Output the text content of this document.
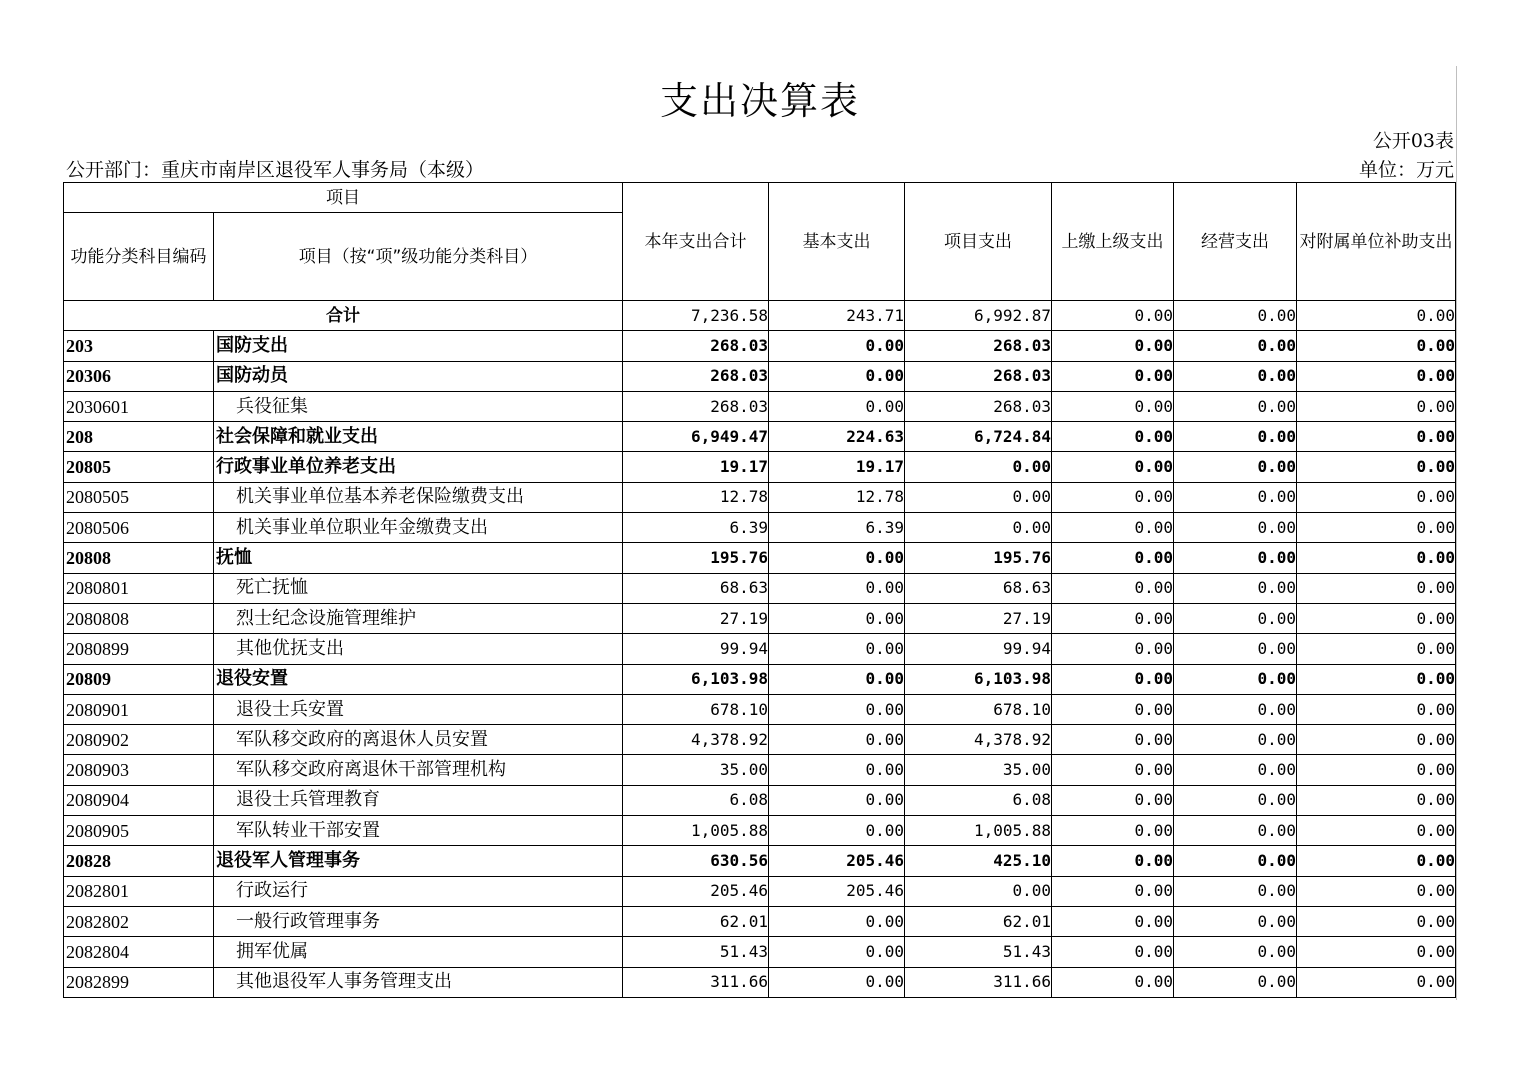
支出决算表
公开03表
公开部门：重庆市南岸区退役军人事务局（本级）	单位：万元
项目		本年支出合计	基本支出	项目支出	上缴上级支出	经营支出	对附属单位补助支出
功能分类科目编码	项目（按“项”级功能分类科目）						
合计		7,236.58	243.71	6,992.87	0.00	0.00	0.00
203	国防支出	268.03	0.00	268.03	0.00	0.00	0.00
20306	国防动员	268.03	0.00	268.03	0.00	0.00	0.00
2030601	兵役征集	268.03	0.00	268.03	0.00	0.00	0.00
208	社会保障和就业支出	6,949.47	224.63	6,724.84	0.00	0.00	0.00
20805	行政事业单位养老支出	19.17	19.17	0.00	0.00	0.00	0.00
2080505	机关事业单位基本养老保险缴费支出	12.78	12.78	0.00	0.00	0.00	0.00
2080506	机关事业单位职业年金缴费支出	6.39	6.39	0.00	0.00	0.00	0.00
20808	抚恤	195.76	0.00	195.76	0.00	0.00	0.00
2080801	死亡抚恤	68.63	0.00	68.63	0.00	0.00	0.00
2080808	烈士纪念设施管理维护	27.19	0.00	27.19	0.00	0.00	0.00
2080899	其他优抚支出	99.94	0.00	99.94	0.00	0.00	0.00
20809	退役安置	6,103.98	0.00	6,103.98	0.00	0.00	0.00
2080901	退役士兵安置	678.10	0.00	678.10	0.00	0.00	0.00
2080902	军队移交政府的离退休人员安置	4,378.92	0.00	4,378.92	0.00	0.00	0.00
2080903	军队移交政府离退休干部管理机构	35.00	0.00	35.00	0.00	0.00	0.00
2080904	退役士兵管理教育	6.08	0.00	6.08	0.00	0.00	0.00
2080905	军队转业干部安置	1,005.88	0.00	1,005.88	0.00	0.00	0.00
20828	退役军人管理事务	630.56	205.46	425.10	0.00	0.00	0.00
2082801	行政运行	205.46	205.46	0.00	0.00	0.00	0.00
2082802	一般行政管理事务	62.01	0.00	62.01	0.00	0.00	0.00
2082804	拥军优属	51.43	0.00	51.43	0.00	0.00	0.00
2082899	其他退役军人事务管理支出	311.66	0.00	311.66	0.00	0.00	0.00
